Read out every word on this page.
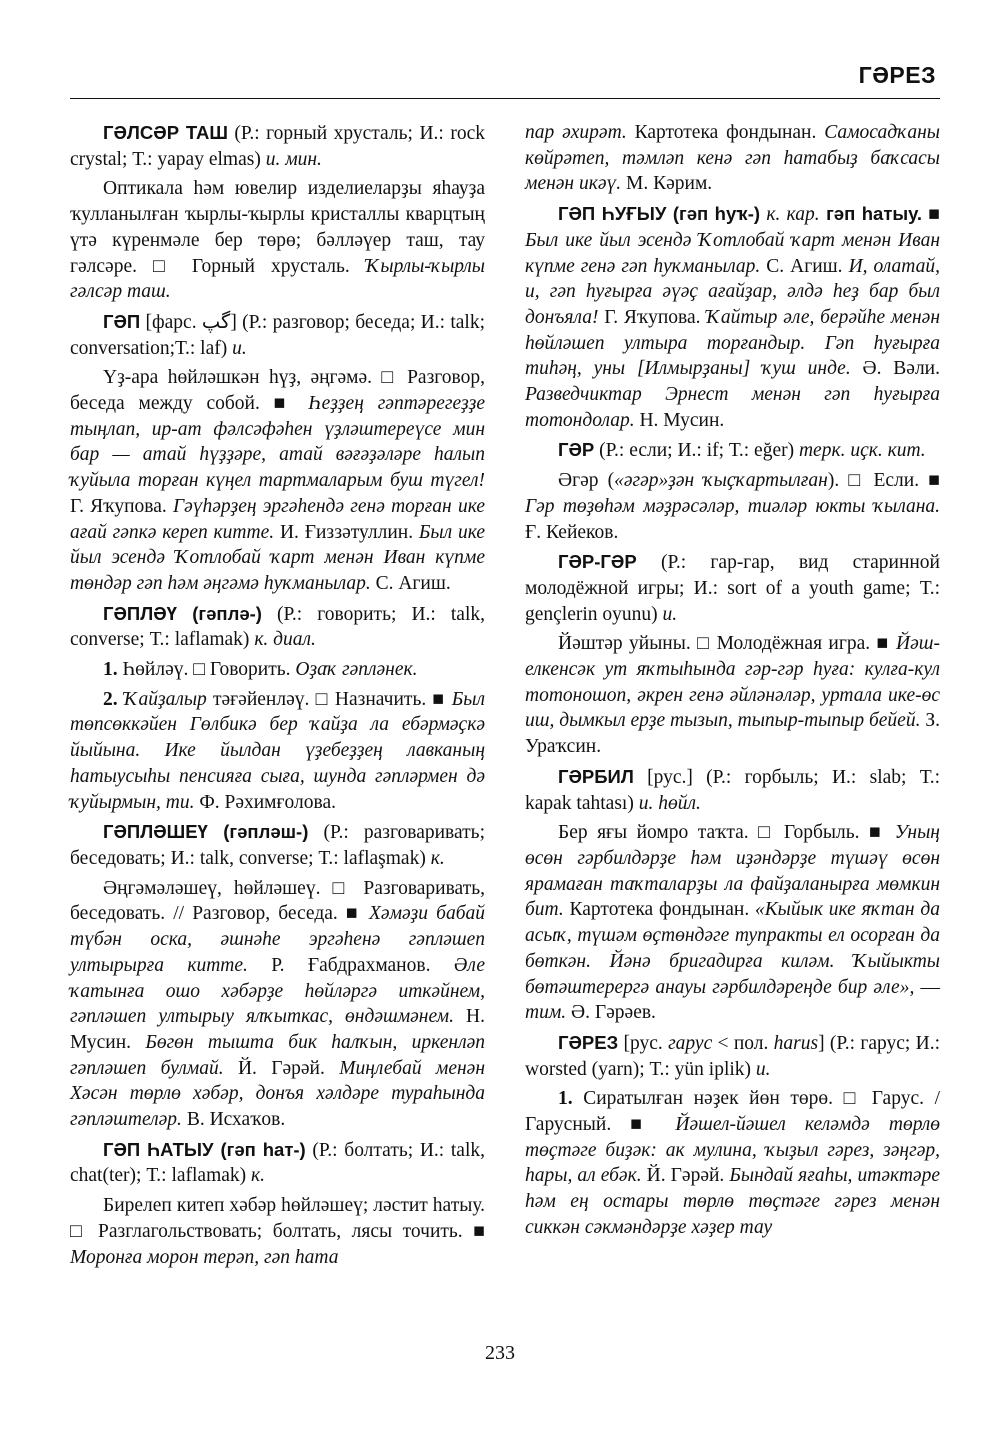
ГӘРЕЗ

ГӘЛСӘР ТАШ (Р.: горный хрусталь; И.: rock crystal; Т.: yapay elmas) и. мин.

Оптикала һәм ювелир изделиеларҙы яһауҙа ҡулланылған ҡырлы-ҡырлы кристаллы кварцтың үтә күренмәле бер төрө; бәлләүер таш, тау гәлсәре. □ Горный хрусталь. Ҡырлы-ҡырлы гәлсәр таш.

ГӘП [фарс. گپ] (Р.: разговор; беседа; И.: talk; conversation;Т.: laf) и.

Үҙ-ара һөйләшкән һүҙ, әңгәмә. □ Разговор, беседа между собой. ■ Һеҙҙең гәптәрегеҙҙе тыңлап, ир-ат фәлсәфәһен үҙләштереүсе мин бар — атай һүҙҙәре, атай вәғәҙәләре һалып ҡуйыла торған күңел тартмаларым буш түгел! Г. Яҡупова. Гәүһәрҙең эргәһендә генә торған ике ағай гәпкә кереп китте. И. Ғиззәтуллин. Был ике йыл эсендә Ҡотлобай ҡарт менән Иван күпме төндәр гәп һәм әңгәмә һуҡманылар. С. Агиш.

ГӘПЛӘҮ (гәплә-) (Р.: говорить; И.: talk, converse; Т.: laflamak) к. диал.

1. Һөйләү. □ Говорить. Оҙаҡ гәпләнек.

2. Ҡайҙалыр тәғәйенләү. □ Назначить. ■ Был төпсөккәйен Гөлбикә бер ҡайҙа ла ебәрмәҫкә йыйына. Ике йылдан үҙебеҙҙең лавканың һатыусыһы пенсияға сыға, шунда гәпләрмен дә ҡуйырмын, ти. Ф. Рәхимғолова.

ГӘПЛӘШЕҮ (гәпләш-) (Р.: разговаривать; беседовать; И.: talk, converse; Т.: laflaşmak) к.

Әңгәмәләшеү, һөйләшеү. □ Разговаривать, беседовать. // Разговор, беседа. ■ Хәмәҙи бабай түбән оска, әшнәһе эргәһенә гәпләшеп ултырырға китте. Р. Ғабдрахманов. Әле ҡатынға ошо хәбәрҙе һөйләргә иткәйнем, гәпләшеп ултырыу ялҡыткас, өндәшмәнем. Н. Мусин. Бөгөн тышта бик һалҡын, иркенләп гәпләшеп булмай. Й. Гәрәй. Миңлебай менән Хәсән төрлө хәбәр, донъя хәлдәре тураһында гәпләштеләр. В. Исхаҡов.

ГӘП ҺАТЫУ (гәп һат-) (Р.: болтать; И.: talk, chat(ter); Т.: laflamak) к.

Бирелеп китеп хәбәр һөйләшеү; ләстит һатыу. □ Разглагольствовать; болтать, лясы точить. ■ Моронға морон терәп, гәп һата

пар әхирәт. Картотека фондынан. Самосадҡаны көйрәтеп, тәмләп кенә гәп һатабыҙ баҡсасы менән икәү. М. Кәрим.

ГӘП ҺУҒЫУ (гәп һуҡ-) к. кар. гәп һатыу. ■ Был ике йыл эсендә Ҡотлобай ҡарт менән Иван күпме генә гәп һуҡманылар. С. Агиш. И, олатай, и, гәп һуғырға әүәҫ ағайҙар, әлдә һеҙ бар был донъяла! Г. Яҡупова. Ҡайтыр әле, берәйһе менән һөйләшеп ултыра торғандыр. Гәп һуғырға тиһәң, уны [Илмырҙаны] ҡуш инде. Ә. Вәли. Разведчиктар Эрнест менән гәп һуғырға тотондолар. Н. Мусин.

ГӘР (Р.: если; И.: if; Т.: eğer) терк. иҫк. кит.

Әгәр («әгәр»ҙән ҡыҫҡартылған). □ Если. ■ Гәр төҙөһәм мәҙрәсәләр, тиәләр юкты ҡылана. Ғ. Кейеков.

ГӘР-ГӘР (Р.: гар-гар, вид старинной молодёжной игры; И.: sort of a youth game; Т.: gençlerin oyunu) и.

Йәштәр уйыны. □ Молодёжная игра. ■ Йәш-елкенсәк ут яҡтыһында гәр-гәр һуға: кулға-кул тотоношоп, әкрен генә әйләнәләр, уртала ике-өс иш, дымкыл ерҙе тызып, тыпыр-тыпыр бейей. З. Ураҡсин.

ГӘРБИЛ [рус.] (Р.: горбыль; И.: slab; Т.: kapak tahtası) и. һөйл.

Бер яғы йомро таҡта. □ Горбыль. ■ Уның өсөн гәрбилдәрҙе һәм иҙәндәрҙе түшәү өсөн ярамаған таҡталарҙы ла файҙаланырға мөмкин бит. Картотека фондынан. «Кыйык ике яҡтан да асыҡ, түшәм өҫтөндәге тупракты ел осорған да бөткән. Йәнә бригадирға киләм. Ҡыйыкты бөтәштерергә анауы гәрбилдәреңде бир әле», — тим. Ә. Гәрәев.

ГӘРЕЗ [рус. гарус < пол. harus] (Р.: гарус; И.: worsted (yarn); Т.: yün iplik) и.

1. Сиратылған нәҙек йөн төрө. □ Гарус. / Гарусный. ■ Йәшел-йәшел келәмдә төрлө төҫтәге биҙәк: ак мулина, ҡыҙыл гәрез, зәңгәр, һары, ал ебәк. Й. Гәрәй. Бындай яғаһы, итәктәре һәм ең остары төрлө төҫтәге гәрез менән сиккән сәкмәндәрҙе хәҙер тау

233
